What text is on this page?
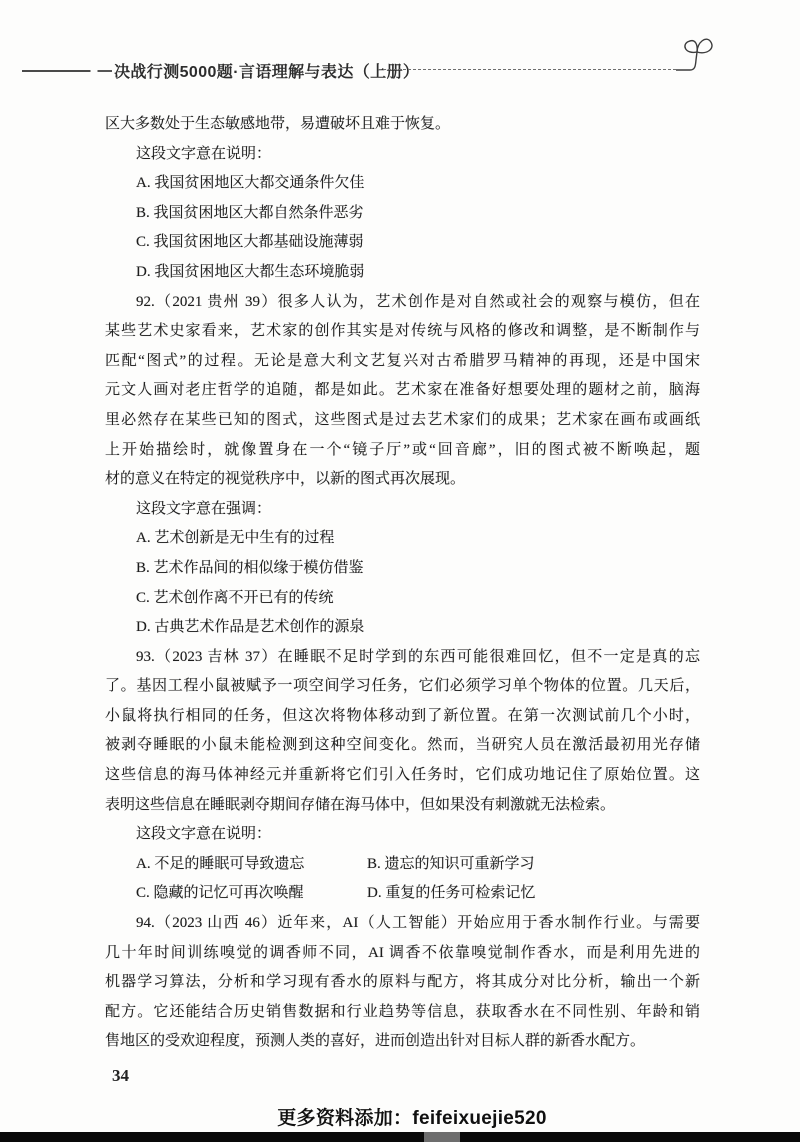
决战行测5000题·言语理解与表达（上册）
区大多数处于生态敏感地带，易遭破坏且难于恢复。
这段文字意在说明：
A. 我国贫困地区大都交通条件欠佳
B. 我国贫困地区大都自然条件恶劣
C. 我国贫困地区大都基础设施薄弱
D. 我国贫困地区大都生态环境脆弱
92.（2021 贵州 39）很多人认为，艺术创作是对自然或社会的观察与模仿，但在
某些艺术史家看来，艺术家的创作其实是对传统与风格的修改和调整，是不断制作与
匹配“图式”的过程。无论是意大利文艺复兴对古希腊罗马精神的再现，还是中国宋
元文人画对老庄哲学的追随，都是如此。艺术家在准备好想要处理的题材之前，脑海
里必然存在某些已知的图式，这些图式是过去艺术家们的成果；艺术家在画布或画纸
上开始描绘时，就像置身在一个“镜子厅”或“回音廊”，旧的图式被不断唤起，题
材的意义在特定的视觉秩序中，以新的图式再次展现。
这段文字意在强调：
A. 艺术创新是无中生有的过程
B. 艺术作品间的相似缘于模仿借鉴
C. 艺术创作离不开已有的传统
D. 古典艺术作品是艺术创作的源泉
93.（2023 吉林 37）在睡眠不足时学到的东西可能很难回忆，但不一定是真的忘
了。基因工程小鼠被赋予一项空间学习任务，它们必须学习单个物体的位置。几天后，
小鼠将执行相同的任务，但这次将物体移动到了新位置。在第一次测试前几个小时，
被剥夺睡眠的小鼠未能检测到这种空间变化。然而，当研究人员在激活最初用光存储
这些信息的海马体神经元并重新将它们引入任务时，它们成功地记住了原始位置。这
表明这些信息在睡眠剥夺期间存储在海马体中，但如果没有刺激就无法检索。
这段文字意在说明：
A. 不足的睡眠可导致遗忘	B. 遗忘的知识可重新学习
C. 隐藏的记忆可再次唤醒	D. 重复的任务可检索记忆
94.（2023 山西 46）近年来，AI（人工智能）开始应用于香水制作行业。与需要
几十年时间训练嗅觉的调香师不同，AI 调香不依靠嗅觉制作香水，而是利用先进的
机器学习算法，分析和学习现有香水的原料与配方，将其成分对比分析，输出一个新
配方。它还能结合历史销售数据和行业趋势等信息，获取香水在不同性别、年龄和销
售地区的受欢迎程度，预测人类的喜好，进而创造出针对目标人群的新香水配方。
34
更多资料添加：feifeixuejie520
